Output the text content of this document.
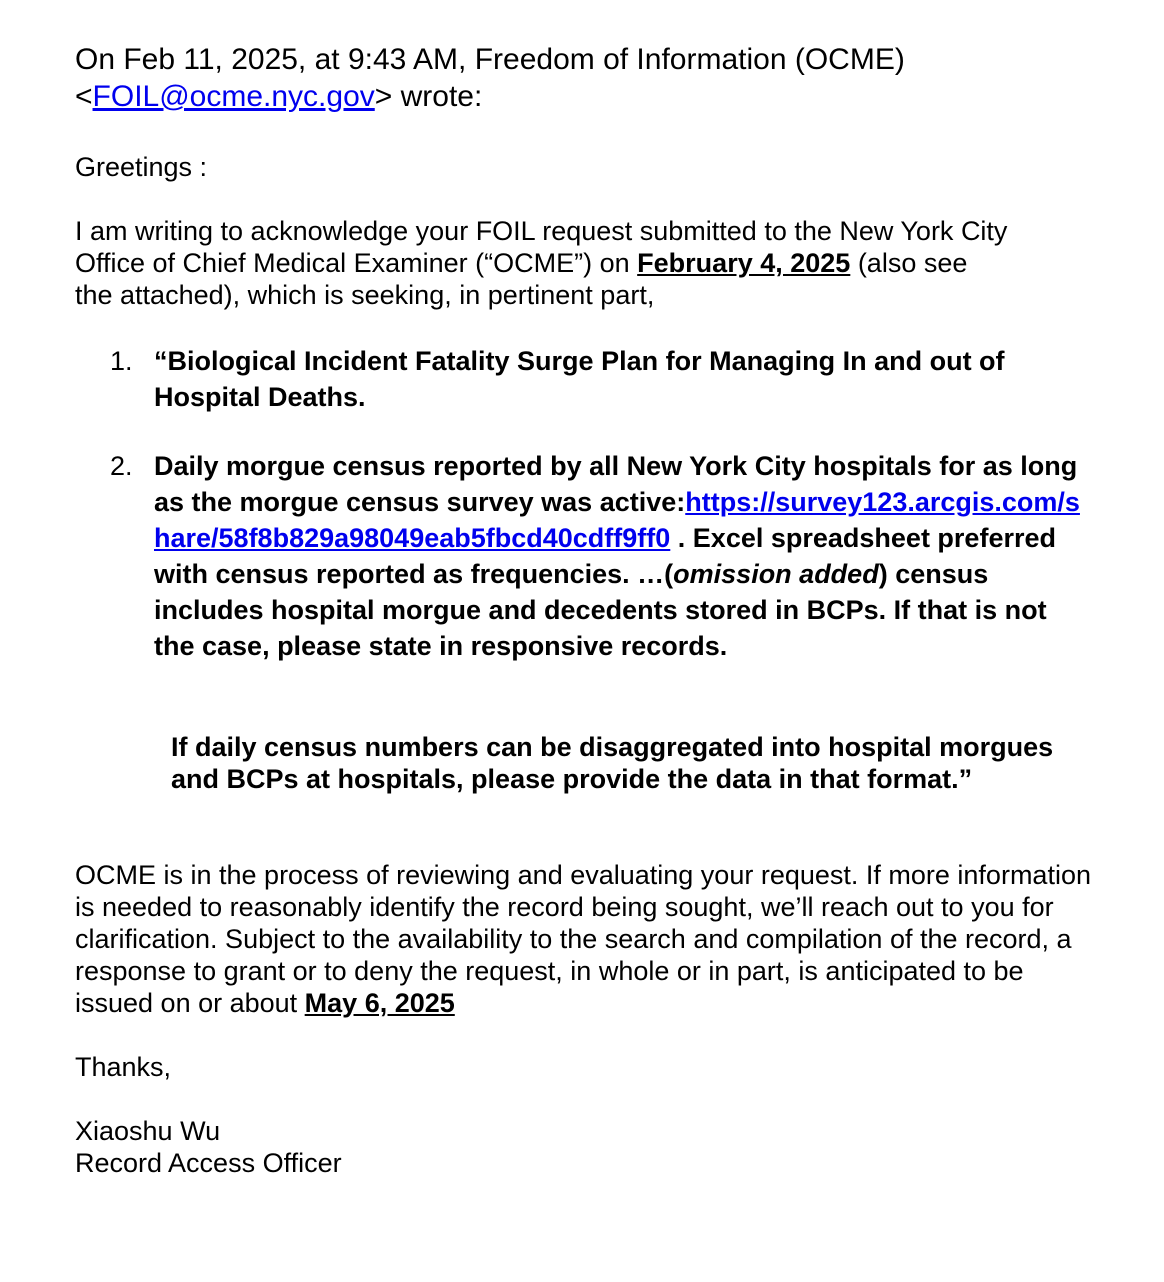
On Feb 11, 2025, at 9:43 AM, Freedom of Information (OCME)
<FOIL@ocme.nyc.gov> wrote:
Greetings :
I am writing to acknowledge your FOIL request submitted to the New York City
Office of Chief Medical Examiner (“OCME”) on February 4, 2025 (also see
the attached), which is seeking, in pertinent part,
1. “Biological Incident Fatality Surge Plan for Managing In and out of Hospital Deaths.
2. Daily morgue census reported by all New York City hospitals for as long as the morgue census survey was active:https://survey123.arcgis.com/share/58f8b829a98049eab5fbcd40cdff9ff0 . Excel spreadsheet preferred with census reported as frequencies. …(omission added) census includes hospital morgue and decedents stored in BCPs. If that is not the case, please state in responsive records.
If daily census numbers can be disaggregated into hospital morgues and BCPs at hospitals, please provide the data in that format.”
OCME is in the process of reviewing and evaluating your request. If more information is needed to reasonably identify the record being sought, we’ll reach out to you for clarification. Subject to the availability to the search and compilation of the record, a response to grant or to deny the request, in whole or in part, is anticipated to be issued on or about May 6, 2025
Thanks,
Xiaoshu Wu
Record Access Officer
